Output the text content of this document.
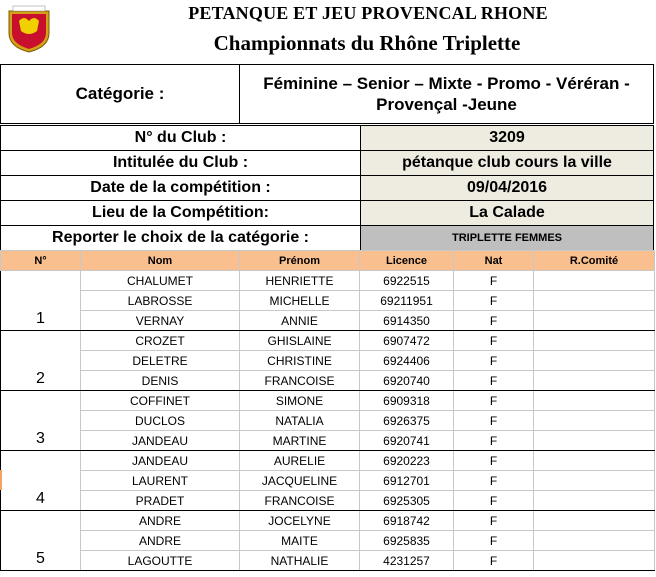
PETANQUE ET JEU PROVENCAL RHONE
Championnats du Rhône Triplette
Catégorie :	Féminine – Senior – Mixte - Promo - Véréran - Provençal -Jeune
N° du Club :	3209
Intitulée du Club :	pétanque club cours la ville
Date de la compétition :	09/04/2016
Lieu de la Compétition:	La Calade
Reporter le choix de la catégorie :	TRIPLETTE FEMMES
N°	Nom	Prénom	Licence	Nat	R.Comité
1	CHALUMET	HENRIETTE	6922515	F	
	LABROSSE	MICHELLE	69211951	F	
	VERNAY	ANNIE	6914350	F	
2	CROZET	GHISLAINE	6907472	F	
	DELETRE	CHRISTINE	6924406	F	
	DENIS	FRANCOISE	6920740	F	
3	COFFINET	SIMONE	6909318	F	
	DUCLOS	NATALIA	6926375	F	
	JANDEAU	MARTINE	6920741	F	
4	JANDEAU	AURELIE	6920223	F	
	LAURENT	JACQUELINE	6912701	F	
	PRADET	FRANCOISE	6925305	F	
5	ANDRE	JOCELYNE	6918742	F	
	ANDRE	MAITE	6925835	F	
	LAGOUTTE	NATHALIE	4231257	F	
